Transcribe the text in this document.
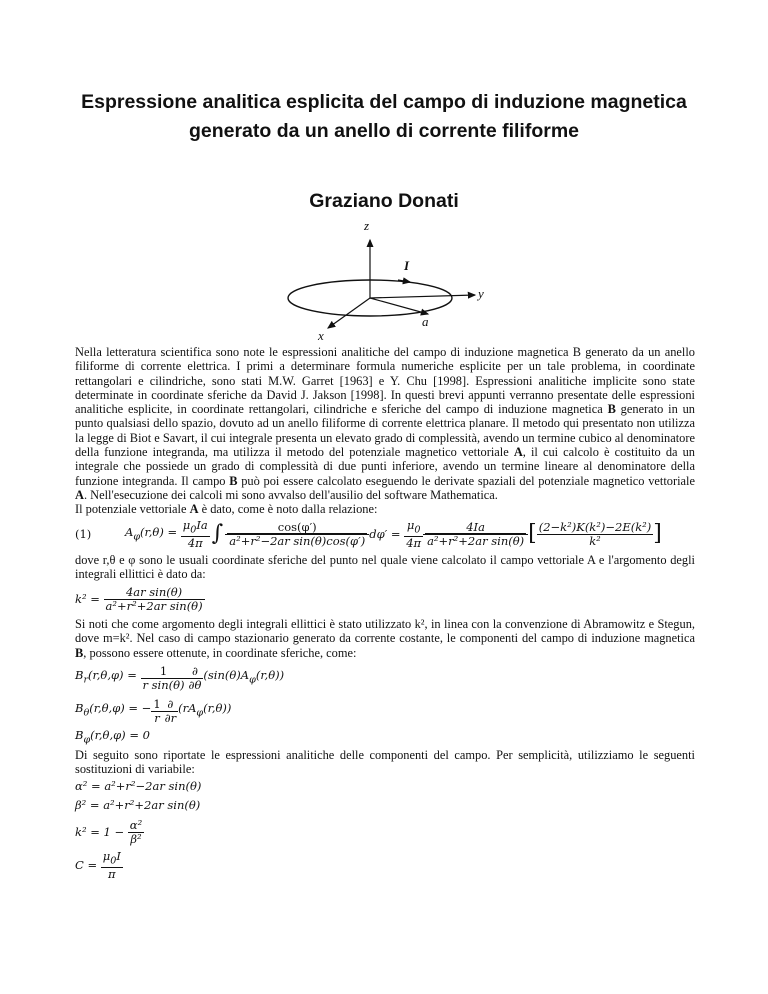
Espressione analitica esplicita del campo di induzione magnetica
generato da un anello di corrente filiforme
Graziano Donati
z
I
y
a
x

Nella letteratura scientifica sono note le espressioni analitiche del campo di induzione magnetica B generato da un anello filiforme di corrente elettrica. I primi a determinare formula numeriche esplicite per un tale problema, in coordinate rettangolari e cilindriche, sono stati M.W. Garret [1963] e Y. Chu [1998]. Espressioni analitiche implicite sono state determinate in coordinate sferiche da David J. Jakson [1998]. In questi brevi appunti verranno presentate delle espressioni analitiche esplicite, in coordinate rettangolari, cilindriche e sferiche del campo di induzione magnetica B generato in un punto qualsiasi dello spazio, dovuto ad un anello filiforme di corrente elettrica planare. Il metodo qui presentato non utilizza la legge di Biot e Savart, il cui integrale presenta un elevato grado di complessità, avendo un termine cubico al denominatore della funzione integranda, ma utilizza il metodo del potenziale magnetico vettoriale A, il cui calcolo è costituito da un integrale che possiede un grado di complessità di due punti inferiore, avendo un termine lineare al denominatore della funzione integranda. Il campo B può poi essere calcolato eseguendo le derivate spaziali del potenziale magnetico vettoriale A. Nell'esecuzione dei calcoli mi sono avvalso dell'ausilio del software Mathematica.

Il potenziale vettoriale A è dato, come è noto dalla relazione:

(1)	$A_\varphi(r,\theta) = \frac{\mu_0Ia}{4\pi}$ ∫ $\frac{\cos(\varphi')}{\text{a²+r²−2ar sin(θ)cos(φ′)}} d\varphi' = \frac{\mu_0}{4\pi} \frac{4Ia}{\text{a²+r²+2ar sin(θ)}}$ [ $\frac{\text{(2−k²)K(k²)−2E(k²)}}{\text{k²}}$ ]

dove r,θ e φ sono le usuali coordinate sferiche del punto nel quale viene calcolato il campo vettoriale A e l'argomento degli integrali ellittici è dato da:

$k^2 = \frac{\text{4ar sin(θ)}}{\text{a²+r²+2ar sin(θ)}}$

Si noti che come argomento degli integrali ellittici è stato utilizzato k², in linea con la convenzione di Abramowitz e Stegun, dove m=k². Nel caso di campo stazionario generato da corrente costante, le componenti del campo di induzione magnetica B, possono essere ottenute, in coordinate sferiche, come:

$B_r(r,\theta,\varphi) = \frac{1}{\text{r sin(θ)}} \frac{\partial}{\partial\theta} (\sin(\theta)A_\varphi(r,\theta))$
$B_\theta(r,\theta,\varphi)$ = − $\frac{1}{r} \frac{\partial}{\partial r} (rA_\varphi(r,\theta))$
$B_\varphi(r,\theta,\varphi) = 0$

Di seguito sono riportate le espressioni analitiche delle componenti del campo. Per semplicità, utilizziamo le seguenti sostituzioni di variabile:

α² = a²+r²−2ar sin(θ)
β² = a²+r²+2ar sin(θ)
$k^2 = 1 - \frac{\text{α²}}{\text{β²}}$
$C = \frac{\mu_0I}{\pi}$
